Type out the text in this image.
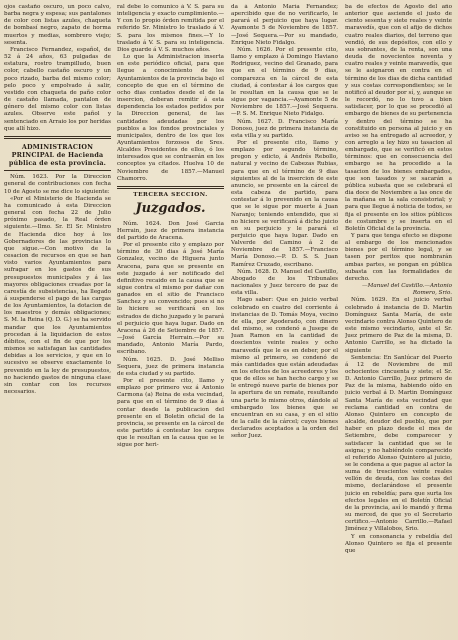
ojos castaño oscuro, un poco calvo, barba negra y espesa; sus pantalones de color con listas azules, chaqueta de bombasí negro, zapato de horma muertos y medias, sombrero viejo; sesenta.

Francisco Fernandez, español, de 52 á 24 años, 63 pulgadas de estatura, rostro trampilludo, buen color, cabello castaño oscuro y un poco rizado, barba del mismo color; pelo poco y empolvado á salir, vestido con chaqueta de paño color de castaño llamada, pantalon de género del mismo color con listas azules. Observe este pañol y sentenciado en Arraio los por heridas que allí hizo.

ADMINISTRACION PRINCIPAL de Hacienda pública de esta provincia.

Núm. 1623. Por la Direccion general de contribuciones con fecha 10 de Agosto se me dice lo siguiente:

«Por el Ministerio de Hacienda se ha comunicado á esta Direccion general con fecha 22 de Julio próximo pasado, la Real órden siguiente.—Ilmo. Sr. El Sr. Ministro de Hacienda dice hoy á los Gobernadores de las provincias lo que sigue.—Con motivo de la cesacion de recursos en que se han visto varios Ayuntamientos para sufragar en los gastos de sus presupuestos municipales y á las mayores obligaciones creadas por la carestía de subsistencias, ha llegado á suspenderse el pago de las cargas de los Ayuntamientos, la dotacion de los maestros y demás obligaciones; S. M. la Reina (Q. D. G.) se ha servido mandar que los Ayuntamientos procedan á la liquidacion de estos débitos, con el fin de que por los mismos se satisfagan las cantidades debidas a los servicios, y que en lo sucesivo se observe exactamente lo prevenido en la ley de presupuestos, no haciendo gastos de ninguna clase sin contar con los recursos necesarios.

ral debe lo comunico á V. S. para su inteligencia y exacto cumplimiento.—Y con lo propio órden remitida por el referido Sr. Ministro lo traslado á V. S. para los mismos fines.—Y lo traslado á V. S. para su inteligencia. Dios guarde á V. S. muchos años.

Lo que la Administracion inserta en este periódico oficial, para que llegue a conocimiento de los Ayuntamientos de la provincia bajo el concepto de que en el término de ocho dias contados desde el de la insercion, deberan remitir á esta dependencia los estados pedidos por la Direccion general, de las cantidades adeudadas por los pueblos a los fondos provinciales y municipales, dentro de los que los Ayuntamientos forzosos de Sres. Alcaldes Presidentes de ellos, ó los interesados que se contraerán en los conceptos ya citados. Huelva 10 de Noviembre de 1857.—Manuel Chamorro.

TERCERA SECCION.
Juzgados.

Núm. 1624. Don José Garcia Herrain, juez de primera instancia del partido de Aracena.

Por el presente cito y emplazo por término de 30 dias á José María Gonzalez, vecino de Higuera junto Aracena, para que se presente en este juzgado á ser notificado del definitivo recaido en la causa que se sigue contra el mismo por dañar con ganados en el sitio de Francisco Sanchez y su convencido; pues si no lo hiciere se verificará en los estrados de dicho juzgado y le parará el perjuicio que haya lugar. Dado en Aracena á 26 de Setiembre de 1857.—José García Herrain.—Por su mandado, Antonio María Pardo, escribano.

Núm. 1625. D. José Melliso Sequera, juez de primera instancia de esta ciudad y su partido.

Por el presente cito, llamo y emplazo por primero vez á Antonio Carmona (a) Reina de esta vecindad, para que en el término de 9 dias á contar desde la publicacion del presente en el Boletin oficial de la provincia, se presente en la cárcel de este partido á contestar los cargos que le resultan en la causa que se le sigue por heri-

da á Antonio María Fernandez; apercibido que de no verificarlo, le parará el perjuicio que haya lugar. Ayamonte 5 de Noviembre de 1857.—José Sequera.—Por su mandado, Enrique Nieto Fidalgo.

Núm. 1626. Por el presente cito, llamo y emplazo á Domingo Haviano Rodriguez, vecino del Granado, para que en el término de 9 dias, comparezca en la cárcel de esta ciudad, á contestar á los cargos que le resultan en la causa que se le sigue por vagancia.—Ayamonte 5 de Noviembre de 1857.—José Sequera.—P. S. M. Enrique Nieto Fidalgo.

Núm. 1627. D. Francisco María Donoso, juez de primera instancia de esta villa y su partido.

Por el presente cito, llamo y emplazo por segundo término, pregon y edicto, á Andrés Rebollo, natural y vecino de Cabezas Rubias, para que en el término de 9 dias siguientes al de la insercion de este anuncio, se presente en la cárcel de esta cabeza de partido, para contestar á lo prevenido en la causa que se le sigue por muerte á Juan Naranjo; teniendo entendido, que si no hiciere se verificará á dicho juicio en su perjuicio y le parará el perjuicio que haya lugar. Dado en Valverde del Camino á 2 de Noviembre de 1857.—Francisco María Donoso.—P. D. S. S. Juan Ramírez Cruzado, escribano.

Núm. 1628. D. Manuel del Castillo, Abogado de los Tribunales nacionales y Juez tercero de paz de esta villa.

Hago saber: Que en juicio verbal celebrado en cuatro del corriente á instancias de D. Tomás Moya, vecino de ella, por Apoderado, con dinero del mismo, se condenó a Jusepe de Juan Ramon en la cantidad de doscientos veinte reales y ocho maravedís que le es en deber, por el mismo al primero, se condenó de más cantidades que están adeudadas en los efectos de los acreedores y los que de ellos se han hecho cargo y se le entregó nueve parte de bienes por la apertura de un remate, resultando una parte lo mismo otros, dándole al embargado los bienes que se encuentran en su casa, y en el sitio de la calle de la cárcel; cuyos bienes declarados aceptados a la orden del señor Juez.

ba de efectos de Agosto del año anterior que asciende el justo de ciento sesenta y siete reales y veinte maravedís, que con el afijo de dichos cuatro reales diarios, del terreno que vendió, de sus depósitos, con ello y sus sobrantes, de la renta, son una deuda de novecientos noventa y cuatro reales y veinte maravedís, que se le asignaron en contra en el término de los dias de dicha cantidad y sus costas correspondientes; se le notificó al deudor por sí, y, aunque se le recordó, no lo tuvo a bien satisfacer, por lo que se procedió al embargo de bienes de su pertenencia y dentro del término se ha constituido en persona al juicio y en aviso se ha entregado al acreedor, y con arreglo a ley hizo su tasacion al embargado, que se verificó en estos términos: que en consecuencia del embargo se ha procedido a la tasacion de los bienes embargados, que son tasados y se sacarán a pública subasta que se celebrará el dia doce de Noviembre a las once de la mañana en la sala consistorial; y para que llegue á noticia de todos, se fija el presente en los sitios públicos de costumbre y se inserta en el Boletín Oficial de la provincia.

Y para que tenga efecto se dispone al embargo de los mencionados bienes por el término legal, y se tasen por peritos que nombrarán ambas partes, se pongan en pública subasta con las formalidades de derecho.

—Manuel del Castillo.—Antonio Romero, Srio.

Núm. 1629. En el juicio verbal celebrado á instancia de D. Martin Domínguez Santa María, de este vecindario contra Alonso Quintero de este mismo vecindario, ante el Sr. Juez primero de Paz de la misma, D. Antonio Carrillo, se ha dictado la siguiente

Sentencia: En Sanlúcar del Puerto á 12 de Noviembre de mil ochocientos cincuenta y siete; el Sr. D. Antonio Carrillo, Juez primero de Paz de la misma, habiendo oído en juicio verbal á D. Martin Domínguez Santa María de esta vecindad que reclama cantidad en contra de Alonso Quintero en concepto de alcalde, deudor del pueblo, que por haber en plazo desde el mes de Setiembre, debe comparecer y satisfacer la cantidad que se le asigna; y no habiéndolo comparecido el referido Alonso Quintero al juicio, se le condena a que pague al actor la suma de trescientos veinte reales vellón de deuda, con las costas del mismo, declarándose el presente juicio en rebeldía; para que surta los efectos legales en el Boletín Oficial de la provincia, así lo mandó y firma su merced, de que yo el Secretario certifico.—Antonio Carrillo.—Rafael Jiménez y Villalobos, Srio.

Y en consonancia y rebeldía del Alonso Quintero se fija el presente que
